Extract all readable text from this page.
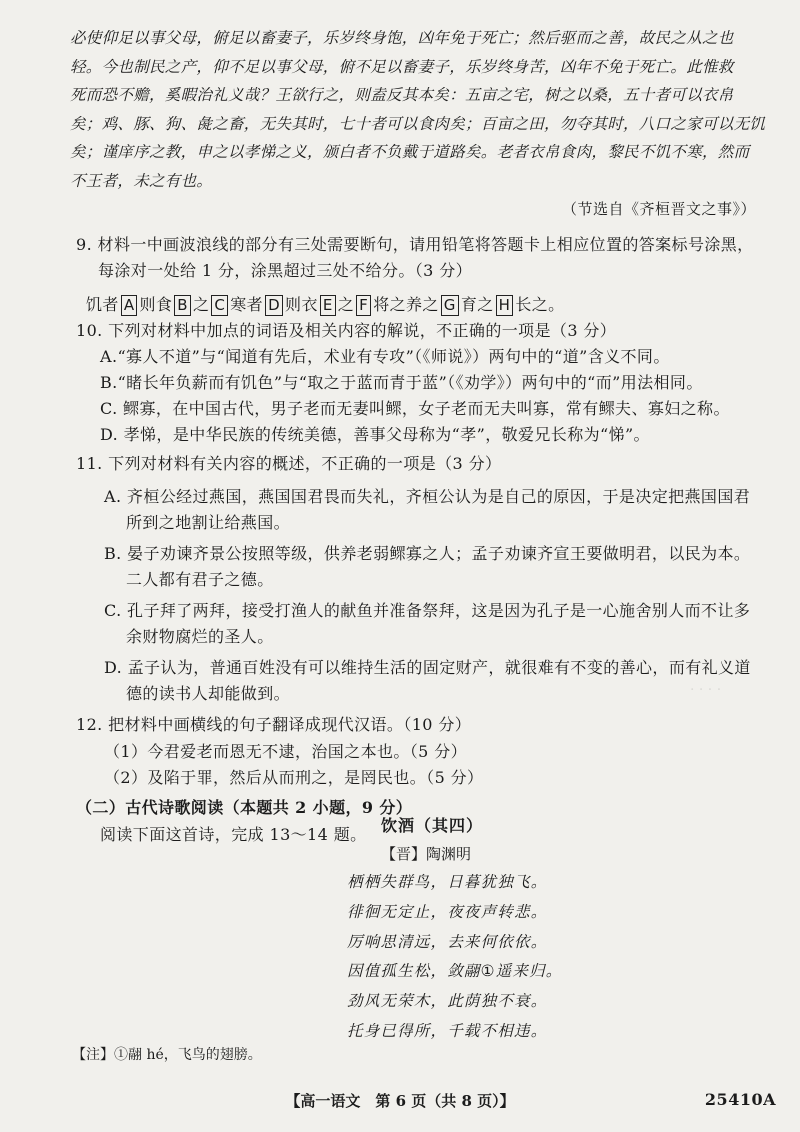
· · · ·
必使仰足以事父母，俯足以畜妻子，乐岁终身饱，凶年免于死亡；然后驱而之善，故民之从之也
轻。今也制民之产，仰不足以事父母，俯不足以畜妻子，乐岁终身苦，凶年不免于死亡。此惟救
死而恐不赡，奚暇治礼义哉？王欲行之，则盍反其本矣：五亩之宅，树之以桑，五十者可以衣帛
矣；鸡、豚、狗、彘之畜，无失其时，七十者可以食肉矣；百亩之田，勿夺其时，八口之家可以无饥
矣；谨庠序之教，申之以孝悌之义，颁白者不负戴于道路矣。老者衣帛食肉，黎民不饥不寒，然而
不王者，未之有也。
（节选自《齐桓晋文之事》）
9. 材料一中画波浪线的部分有三处需要断句，请用铅笔将答题卡上相应位置的答案标号涂黑，
每涂对一处给 1 分，涂黑超过三处不给分。（3 分）
饥者 A 则食 B 之 C 寒者 D 则衣 E 之 F 将之养之 G 育之 H 长之。
10. 下列对材料中加点的词语及相关内容的解说，不正确的一项是（3 分）
A.“寡人不道”与“闻道有先后，术业有专攻”（《师说》）两句中的“道”含义不同。
B.“睹长年负薪而有饥色”与“取之于蓝而青于蓝”（《劝学》）两句中的“而”用法相同。
C. 鳏寡，在中国古代，男子老而无妻叫鳏，女子老而无夫叫寡，常有鳏夫、寡妇之称。
D. 孝悌，是中华民族的传统美德，善事父母称为“孝”，敬爱兄长称为“悌”。
11. 下列对材料有关内容的概述，不正确的一项是（3 分）
A. 齐桓公经过燕国，燕国国君畏而失礼，齐桓公认为是自己的原因，于是决定把燕国国君
所到之地割让给燕国。
B. 晏子劝谏齐景公按照等级，供养老弱鳏寡之人；孟子劝谏齐宣王要做明君，以民为本。
二人都有君子之德。
C. 孔子拜了两拜，接受打渔人的献鱼并准备祭拜，这是因为孔子是一心施舍别人而不让多
余财物腐烂的圣人。
D. 孟子认为，普通百姓没有可以维持生活的固定财产，就很难有不变的善心，而有礼义道
德的读书人却能做到。
12. 把材料中画横线的句子翻译成现代汉语。（10 分）
（1）今君爱老而恩无不逮，治国之本也。（5 分）
（2）及陷于罪，然后从而刑之，是罔民也。（5 分）
（二）古代诗歌阅读（本题共 2 小题，9 分）
阅读下面这首诗，完成 13～14 题。 饮酒（其四）
【晋】陶渊明
栖栖失群鸟，日暮犹独飞。
徘徊无定止，夜夜声转悲。
厉响思清远，去来何依依。
因值孤生松，敛翮①遥来归。
劲风无荣木，此荫独不衰。
托身已得所，千载不相违。
【注】①翮 hé，飞鸟的翅膀。
【高一语文　第 6 页（共 8 页）】	25410A
